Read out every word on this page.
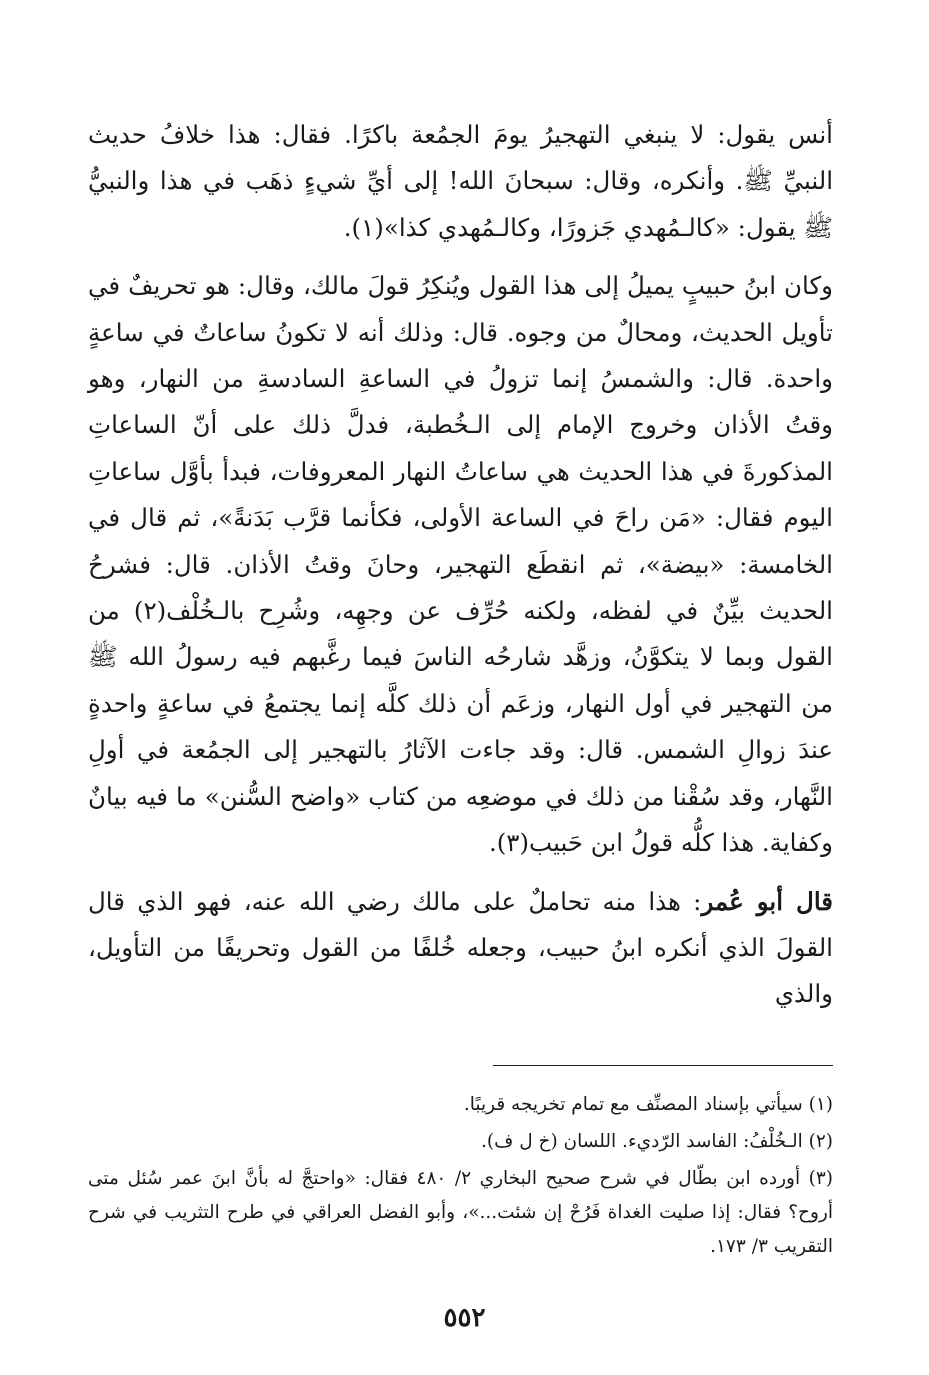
أنس يقول: لا ينبغي التهجيرُ يومَ الجمُعة باكرًا. فقال: هذا خلافُ حديث النبيِّ ﷺ. وأنكره، وقال: سبحانَ الله! إلى أيِّ شيءٍ ذهَب في هذا والنبيُّ ﷺ يقول: «كالـمُهدي جَزورًا، وكالـمُهدي كذا»(١).

وكان ابنُ حبيبٍ يميلُ إلى هذا القول ويُنكِرُ قولَ مالك، وقال: هو تحريفٌ في تأويل الحديث، ومحالٌ من وجوه. قال: وذلك أنه لا تكونُ ساعاتٌ في ساعةٍ واحدة. قال: والشمسُ إنما تزولُ في الساعةِ السادسةِ من النهار، وهو وقتُ الأذان وخروج الإمام إلى الـخُطبة، فدلَّ ذلك على أنّ الساعاتِ المذكورةَ في هذا الحديث هي ساعاتُ النهار المعروفات، فبدأ بأوَّل ساعاتِ اليوم فقال: «مَن راحَ في الساعة الأولى، فكأنما قرَّب بَدَنةً»، ثم قال في الخامسة: «بيضة»، ثم انقطَع التهجير، وحانَ وقتُ الأذان. قال: فشرحُ الحديث بيِّنٌ في لفظه، ولكنه حُرِّف عن وجهِه، وشُرِح بالـخُلْف(٢) من القول وبما لا يتكوَّنُ، وزهَّد شارحُه الناسَ فيما رغَّبهم فيه رسولُ الله ﷺ من التهجير في أول النهار، وزعَم أن ذلك كلَّه إنما يجتمعُ في ساعةٍ واحدةٍ عندَ زوالِ الشمس. قال: وقد جاءت الآثارُ بالتهجير إلى الجمُعة في أولِ النَّهار، وقد سُقْنا من ذلك في موضعِه من كتاب «واضح السُّنن» ما فيه بيانٌ وكفاية. هذا كلُّه قولُ ابن حَبيب(٣).

قال أبو عُمر: هذا منه تحاملٌ على مالك رضي الله عنه، فهو الذي قال القولَ الذي أنكره ابنُ حبيب، وجعله خُلفًا من القول وتحريفًا من التأويل، والذي

(١) سيأتي بإسناد المصنِّف مع تمام تخريجه قريبًا.

(٢) الـخُلْفُ: الفاسد الرّديء. اللسان (خ ل ف).

(٣) أورده ابن بطّال في شرح صحيح البخاري ٢/ ٤٨٠ فقال: «واحتجَّ له بأنَّ ابنَ عمر سُئل متى أروح؟ فقال: إذا صليت الغداة فَرُحْ إن شئت...»، وأبو الفضل العراقي في طرح التثريب في شرح التقريب ٣/ ١٧٣.

٥٥٢
